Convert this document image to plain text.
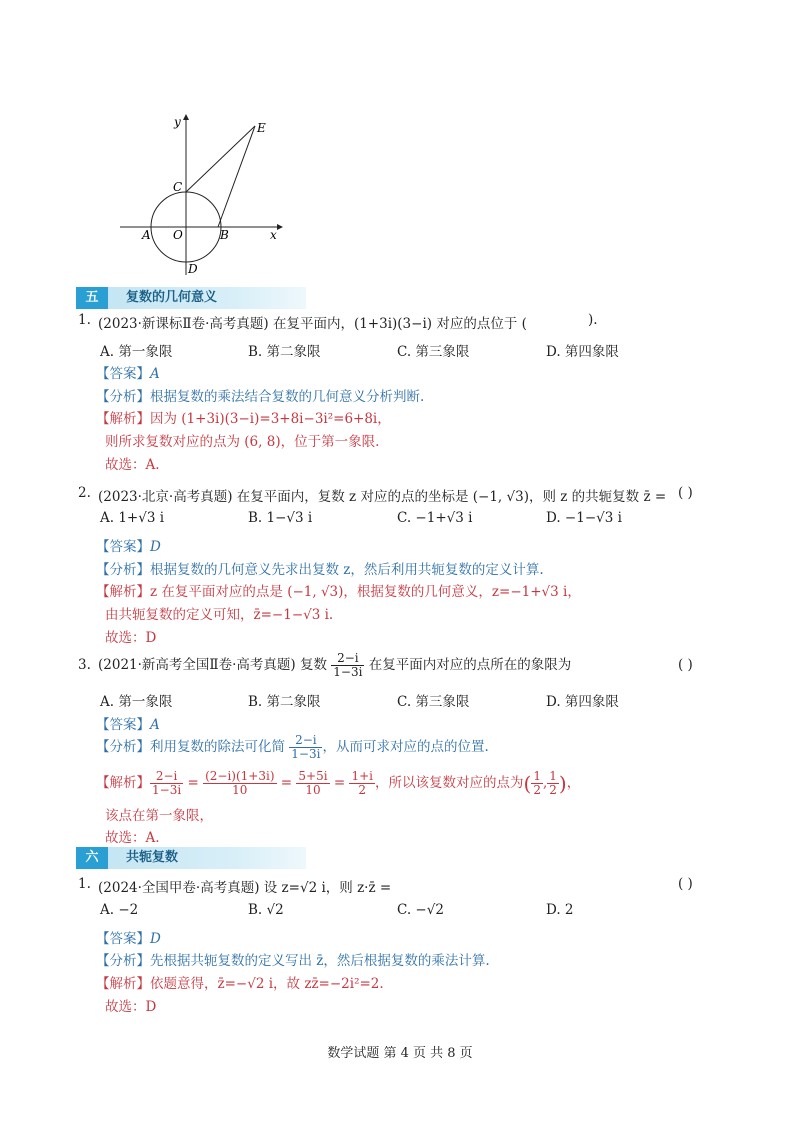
y	E
C
A O	B	x
D
五	复数的几何意义
1. (2023·新课标Ⅱ卷·高考真题) 在复平面内，(1+3i)(3−i) 对应的点位于 (	).
A. 第一象限	B. 第二象限	C. 第三象限	D. 第四象限
【答案】A
【分析】根据复数的乘法结合复数的几何意义分析判断.
【解析】因为 (1+3i)(3−i)=3+8i−3i²=6+8i，
则所求复数对应的点为 (6, 8)，位于第一象限.
故选：A.
2. (2023·北京·高考真题) 在复平面内，复数 z 对应的点的坐标是 (−1, √3)，则 z 的共轭复数 z̄ = ( )
A. 1+√3 i	B. 1−√3 i	C. −1+√3 i	D. −1−√3 i
【答案】D
【分析】根据复数的几何意义先求出复数 z，然后利用共轭复数的定义计算.
【解析】z 在复平面对应的点是 (−1, √3)，根据复数的几何意义，z=−1+√3 i，
由共轭复数的定义可知，z̄=−1−√3 i.
故选：D
3. (2021·新高考全国Ⅱ卷·高考真题) 复数 $\frac{2-i}{1-3i}$ 在复平面内对应的点所在的象限为	( )
A. 第一象限	B. 第二象限	C. 第三象限	D. 第四象限
【答案】A
【分析】利用复数的除法可化简 $\frac{2-i}{1-3i}$ ，从而可求对应的点的位置.
【解析】 $\frac{2-i}{1-3i} = \frac{(2-i)(1+3i)}{10} = \frac{5+5i}{10} = \frac{1+i}{2}$ ，所以该复数对应的点为( $\frac{1}{2}$ , $\frac{1}{2}$ )，
该点在第一象限，
故选：A.
六	共轭复数
1. (2024·全国甲卷·高考真题) 设 z=√2 i，则 z·z̄ =	( )
A. −2	B. √2	C. −√2	D. 2
【答案】D
【分析】先根据共轭复数的定义写出 z̄，然后根据复数的乘法计算.
【解析】依题意得，z̄=−√2 i，故 zz̄=−2i²=2.
故选：D
数学试题 第 4 页 共 8 页
